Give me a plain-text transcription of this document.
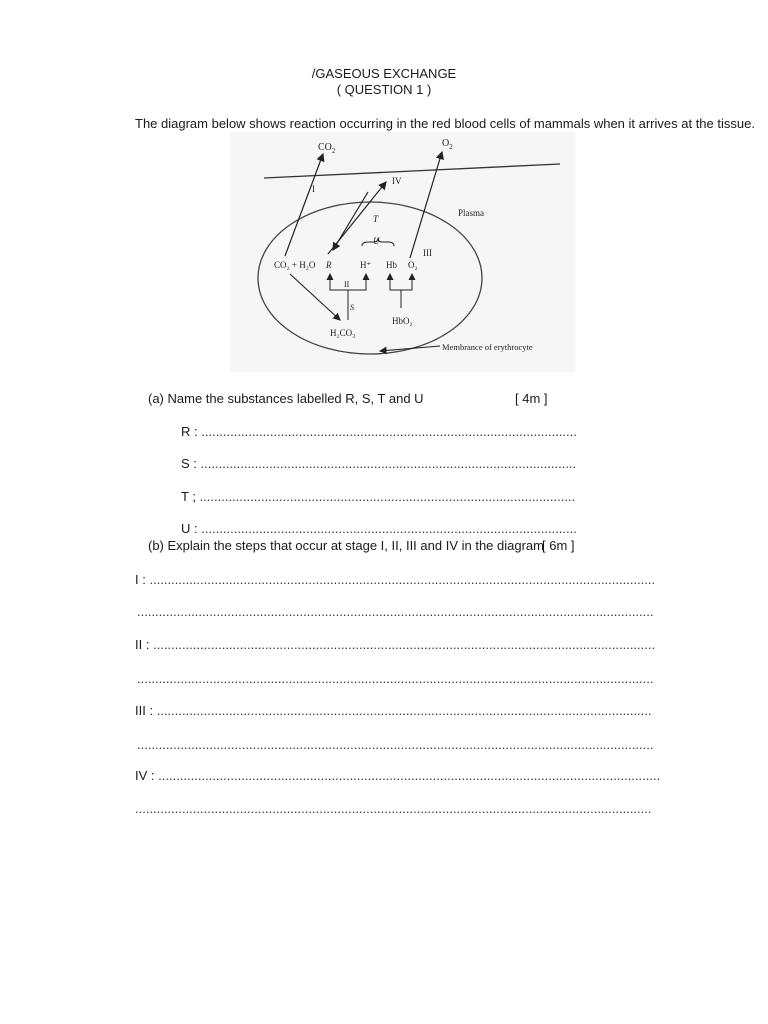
/GASEOUS EXCHANGE
( QUESTION 1 )
The diagram below shows reaction occurring in the red blood cells of mammals when it arrives at the tissue.
$CO_2$
$O_2$
I
IV
T
III
U
CO₂ + H₂O R	H⁺ Hb O₂
II
S
HbO₂
H₂CO₃
Plasma
Membrance of erythrocyte
(a) Name the substances labelled R, S, T and U	[ 4m ]
R : ........................................................................................................
S : ........................................................................................................
T ; ........................................................................................................
U : ........................................................................................................
(b) Explain the steps that occur at stage I, II, III and IV in the diagram
[ 6m ]
I : ............................................................................................................................................
...............................................................................................................................................
II : ...........................................................................................................................................
...............................................................................................................................................
III : .........................................................................................................................................
...............................................................................................................................................
IV : ...........................................................................................................................................
...............................................................................................................................................
